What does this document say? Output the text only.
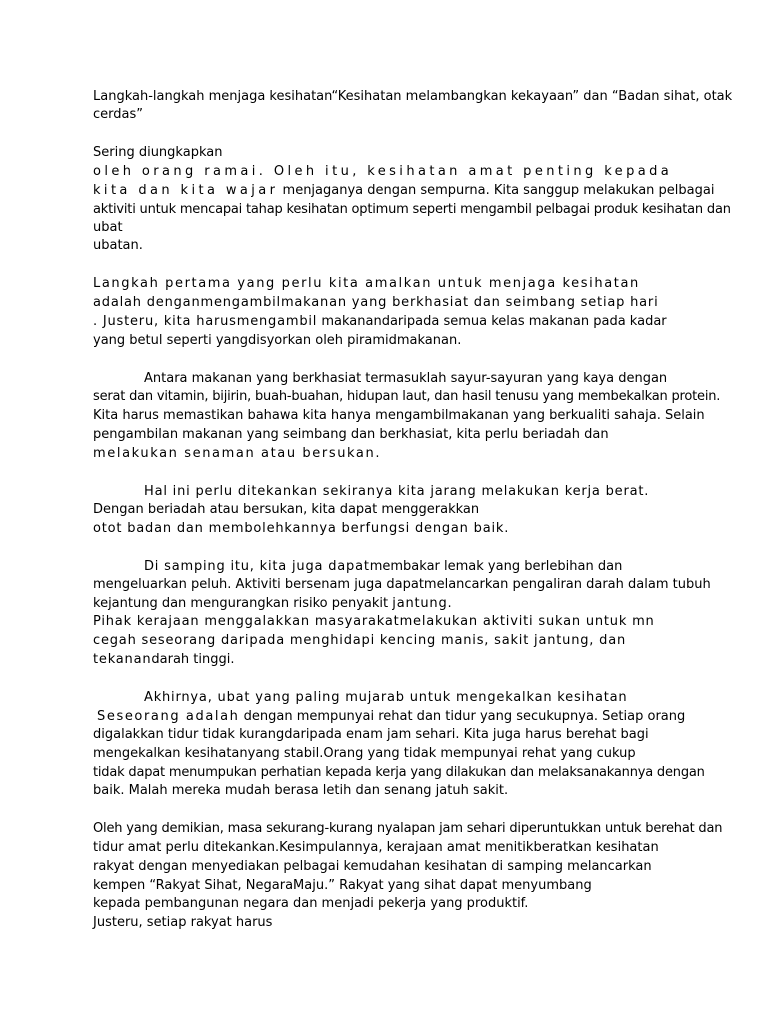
Langkah-langkah menjaga kesihatan“Kesihatan melambangkan kekayaan” dan “Badan sihat, otak
cerdas”
Sering diungkapkan
oleh orang ramai. Oleh itu, kesihatan amat penting kepada
kita dan kita wajar menjaganya dengan sempurna. Kita sanggup melakukan pelbagai
aktiviti untuk mencapai tahap kesihatan optimum seperti mengambil pelbagai produk kesihatan dan
ubat
ubatan.
Langkah pertama yang perlu kita amalkan untuk menjaga kesihatan
adalah denganmengambilmakanan yang berkhasiat dan seimbang setiap hari
. Justeru, kita harusmengambil makanandaripada semua kelas makanan pada kadar
yang betul seperti yangdisyorkan oleh piramidmakanan.
Antara makanan yang berkhasiat termasuklah sayur-sayuran yang kaya dengan
serat dan vitamin, bijirin, buah-buahan, hidupan laut, dan hasil tenusu yang membekalkan protein.
Kita harus memastikan bahawa kita hanya mengambilmakanan yang berkualiti sahaja. Selain
pengambilan makanan yang seimbang dan berkhasiat, kita perlu beriadah dan
melakukan senaman atau bersukan.
Hal ini perlu ditekankan sekiranya kita jarang melakukan kerja berat.
Dengan beriadah atau bersukan, kita dapat menggerakkan
otot badan dan membolehkannya berfungsi dengan baik.
Di samping itu, kita juga dapatmembakar lemak yang berlebihan dan
mengeluarkan peluh. Aktiviti bersenam juga dapatmelancarkan pengaliran darah dalam tubuh
kejantung dan mengurangkan risiko penyakit jantung.
Pihak kerajaan menggalakkan masyarakatmelakukan aktiviti sukan untuk mn
cegah seseorang daripada menghidapi kencing manis, sakit jantung, dan
tekanandarah tinggi.
Akhirnya, ubat yang paling mujarab untuk mengekalkan kesihatan
Seseorang adalah dengan mempunyai rehat dan tidur yang secukupnya. Setiap orang
digalakkan tidur tidak kurangdaripada enam jam sehari. Kita juga harus berehat bagi
mengekalkan kesihatanyang stabil.Orang yang tidak mempunyai rehat yang cukup
tidak dapat menumpukan perhatian kepada kerja yang dilakukan dan melaksanakannya dengan
baik. Malah mereka mudah berasa letih dan senang jatuh sakit.
Oleh yang demikian, masa sekurang-kurang nyalapan jam sehari diperuntukkan untuk berehat dan
tidur amat perlu ditekankan.Kesimpulannya, kerajaan amat menitikberatkan kesihatan
rakyat dengan menyediakan pelbagai kemudahan kesihatan di samping melancarkan
kempen “Rakyat Sihat, NegaraMaju.” Rakyat yang sihat dapat menyumbang
kepada pembangunan negara dan menjadi pekerja yang produktif.
Justeru, setiap rakyat harus
